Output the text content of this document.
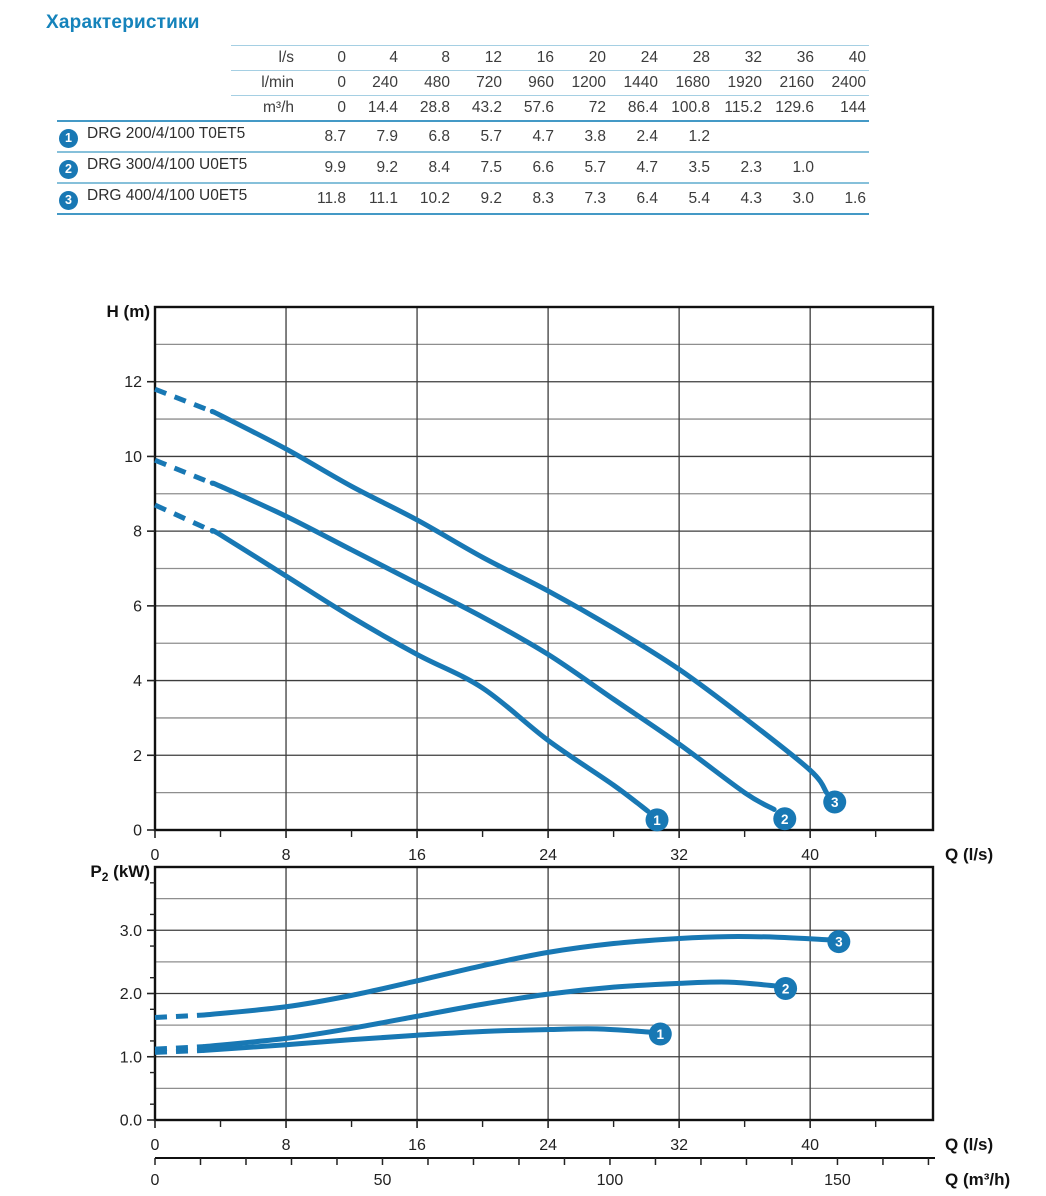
Характеристики
	l/s	0	4	8	12	16	20	24	28	32	36	40
	l/min	0	240	480	720	960	1200	1440	1680	1920	2160	2400
	m³/h	0	14.4	28.8	43.2	57.6	72	86.4	100.8	115.2	129.6	144
1 DRG 200/4/100 T0ET5		8.7	7.9	6.8	5.7	4.7	3.8	2.4	1.2			
2 DRG 300/4/100 U0ET5		9.9	9.2	8.4	7.5	6.6	5.7	4.7	3.5	2.3	1.0	
3 DRG 400/4/100 U0ET5		11.8	11.1	10.2	9.2	8.3	7.3	6.4	5.4	4.3	3.0	1.6
0
2
4
6
8
10
12
0	8	16	24	32	40	Q (l/s)
H (m)
1	2
3
0.0
1.0
2.0
3.0
0	8	16	24	32	40	Q (l/s)
$P_2$ (kW)
1
2
3
0	50	100	150	Q (m³/h)
